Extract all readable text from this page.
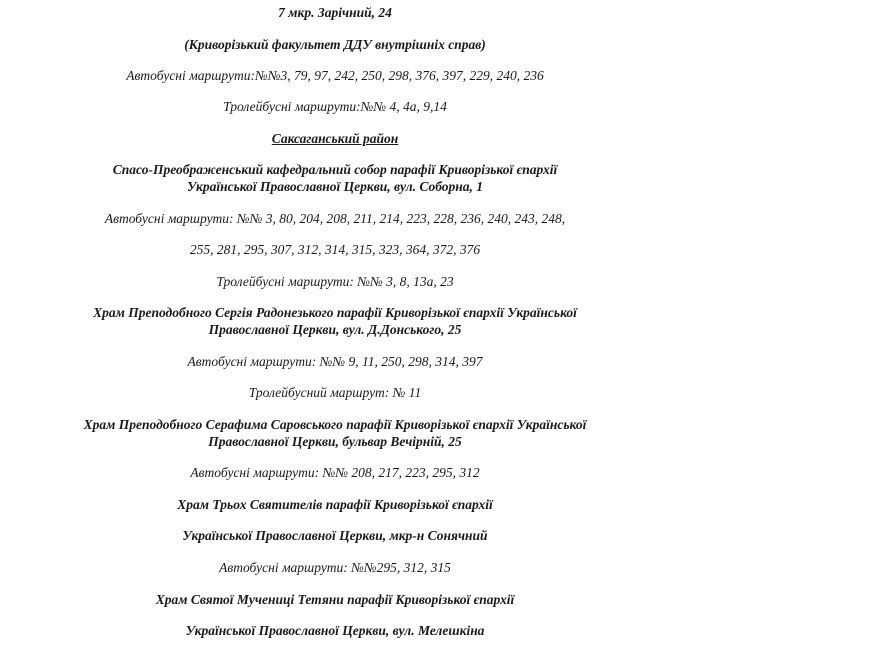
7 мкр. Зарічний, 24
(Криворізький факультет ДДУ внутрішніх справ)
Автобусні маршрути:№№3, 79, 97, 242, 250, 298, 376, 397, 229, 240, 236
Тролейбусні маршрути:№№ 4, 4а, 9,14
Саксаганський район
Спасо-Преображенський кафедральний собор парафії Криворізької єпархії
Української Православної Церкви, вул. Соборна, 1
Автобусні маршрути: №№ 3, 80, 204, 208, 211, 214, 223, 228, 236, 240, 243, 248,
255, 281, 295, 307, 312, 314, 315, 323, 364, 372, 376
Тролейбусні маршрути: №№ 3, 8, 13а, 23
Храм Преподобного Сергія Радонезького парафії Криворізької єпархії Української
Православної Церкви, вул. Д.Донського, 25
Автобусні маршрути: №№ 9, 11, 250, 298, 314, 397
Тролейбусний маршрут: № 11
Храм Преподобного Серафима Саровського парафії Криворізької єпархії Української
Православної Церкви, бульвар Вечірній, 25
Автобусні маршрути: №№ 208, 217, 223, 295, 312
Храм Трьох Святителів парафії Криворізької єпархії
Української Православної Церкви, мкр-н Сонячний
Автобусні маршрути: №№295, 312, 315
Храм Святої Мучениці Тетяни парафії Криворізької єпархії
Української Православної Церкви, вул. Мелешкіна
